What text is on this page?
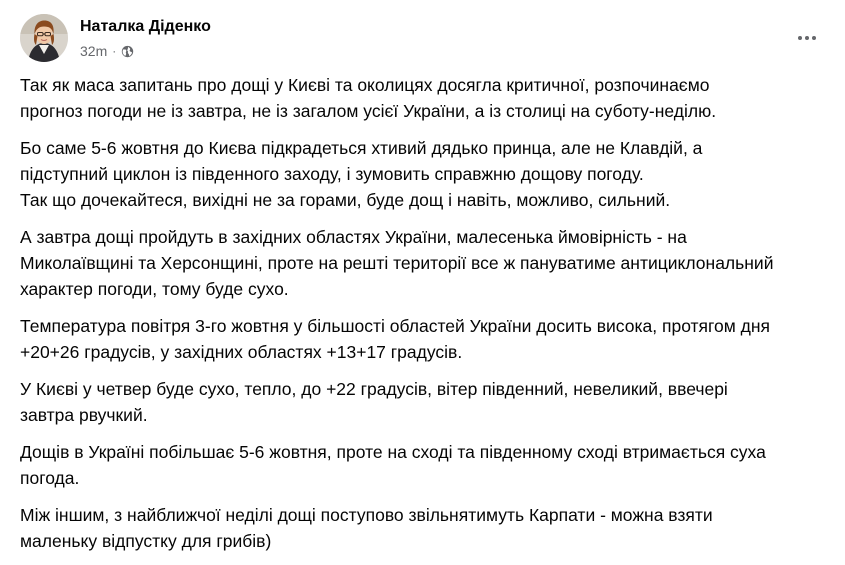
Наталка Діденко
32m ·

Так як маса запитань про дощі у Києві та околицях досягла критичної, розпочинаємо
прогноз погоди не із завтра, не із загалом усієї України, а із столиці на суботу-неділю.

Бо саме 5-6 жовтня до Києва підкрадеться хтивий дядько принца, але не Клавдій, а
підступний циклон із південного заходу, і зумовить справжню дощову погоду.
Так що дочекайтеся, вихідні не за горами, буде дощ і навіть, можливо, сильний.

А завтра дощі пройдуть в західних областях України, малесенька ймовірність - на
Миколаївщині та Херсонщині, проте на решті території все ж пануватиме антициклональний
характер погоди, тому буде сухо.

Температура повітря 3-го жовтня у більшості областей України досить висока, протягом дня
+20+26 градусів, у західних областях +13+17 градусів.

У Києві у четвер буде сухо, тепло, до +22 градусів, вітер південний, невеликий, ввечері
завтра рвучкий.

Дощів в Україні побільшає 5-6 жовтня, проте на сході та південному сході втримається суха
погода.

Між іншим, з найближчої неділі дощі поступово звільнятимуть Карпати - можна взяти
маленьку відпустку для грибів)
